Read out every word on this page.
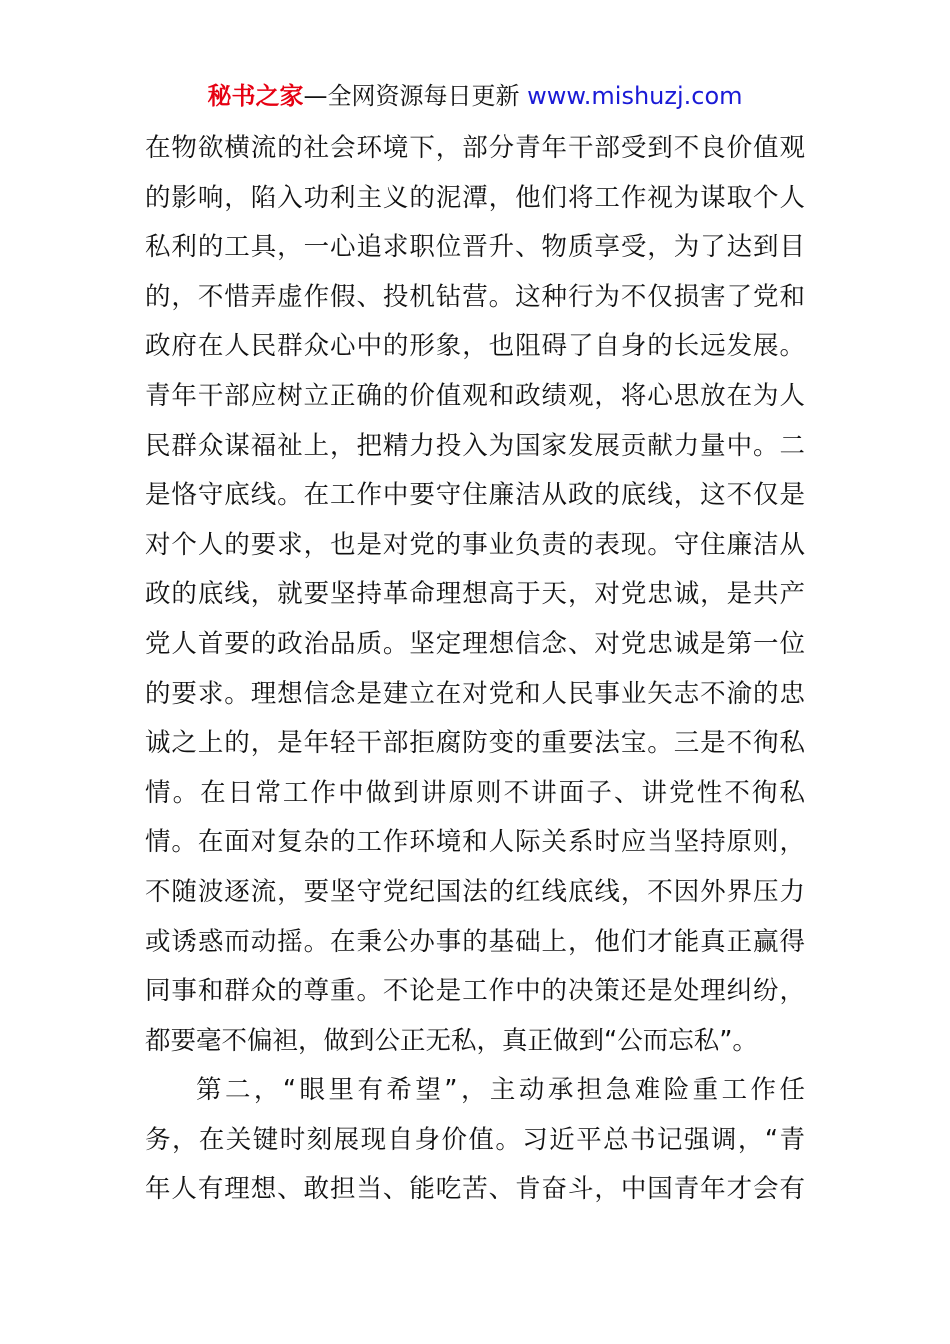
秘书之家—全网资源每日更新 www.mishuzj.com
在物欲横流的社会环境下，部分青年干部受到不良价值观
的影响，陷入功利主义的泥潭，他们将工作视为谋取个人
私利的工具，一心追求职位晋升、物质享受，为了达到目
的，不惜弄虚作假、投机钻营。这种行为不仅损害了党和
政府在人民群众心中的形象，也阻碍了自身的长远发展。
青年干部应树立正确的价值观和政绩观，将心思放在为人
民群众谋福祉上，把精力投入为国家发展贡献力量中。二
是恪守底线。在工作中要守住廉洁从政的底线，这不仅是
对个人的要求，也是对党的事业负责的表现。守住廉洁从
政的底线，就要坚持革命理想高于天，对党忠诚，是共产
党人首要的政治品质。坚定理想信念、对党忠诚是第一位
的要求。理想信念是建立在对党和人民事业矢志不渝的忠
诚之上的，是年轻干部拒腐防变的重要法宝。三是不徇私
情。在日常工作中做到讲原则不讲面子、讲党性不徇私
情。在面对复杂的工作环境和人际关系时应当坚持原则，
不随波逐流，要坚守党纪国法的红线底线，不因外界压力
或诱惑而动摇。在秉公办事的基础上，他们才能真正赢得
同事和群众的尊重。不论是工作中的决策还是处理纠纷，
都要毫不偏袒，做到公正无私，真正做到“公而忘私”。
第二，“眼里有希望”，主动承担急难险重工作任
务，在关键时刻展现自身价值。习近平总书记强调，“青
年人有理想、敢担当、能吃苦、肯奋斗，中国青年才会有
